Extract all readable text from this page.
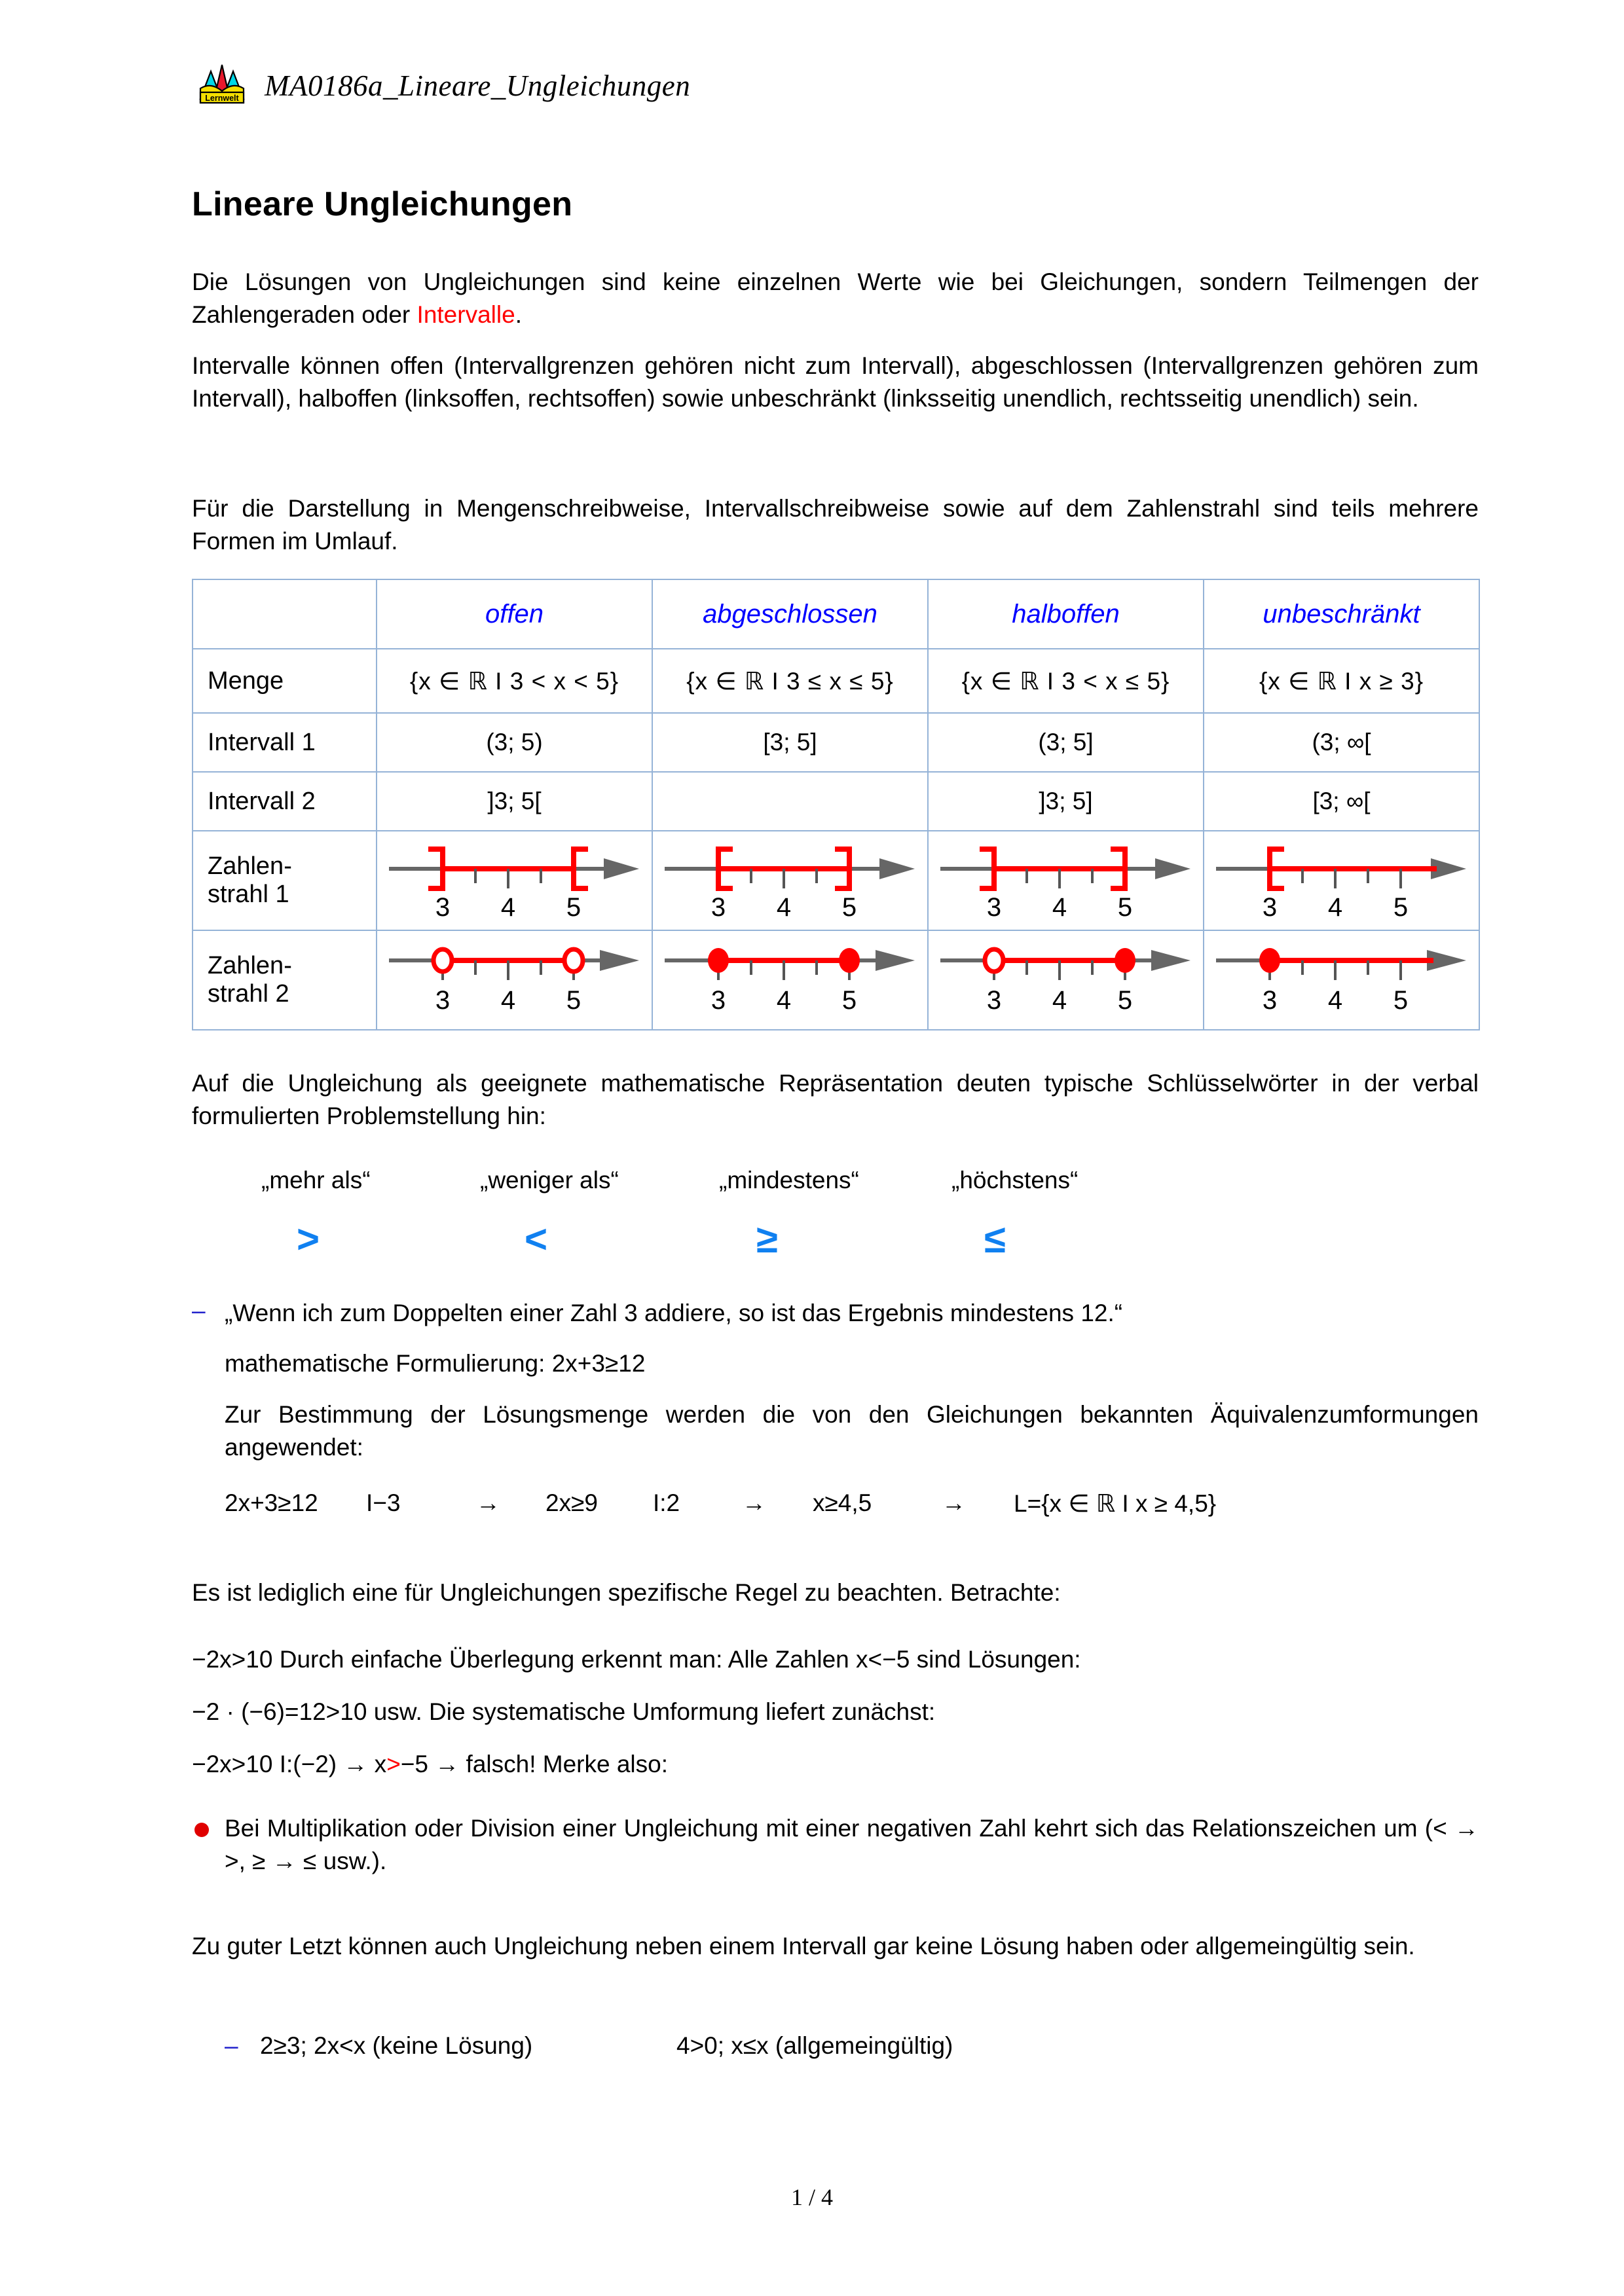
Lernwelt MA0186a_Lineare_Ungleichungen
Lineare Ungleichungen
Die Lösungen von Ungleichungen sind keine einzelnen Werte wie bei Gleichungen, sondern Teilmengen der Zahlengeraden oder Intervalle.
Intervalle können offen (Intervallgrenzen gehören nicht zum Intervall), abgeschlossen (Intervallgrenzen gehören zum Intervall), halboffen (linksoffen, rechtsoffen) sowie unbeschränkt (linksseitig unendlich, rechtsseitig unendlich) sein.
Für die Darstellung in Mengenschreibweise, Intervallschreibweise sowie auf dem Zahlenstrahl sind teils mehrere Formen im Umlauf.
	offen	abgeschlossen	halboffen	unbeschränkt
Menge	{x ∈ ℝ I 3 < x < 5}	{x ∈ ℝ I 3 ≤ x ≤ 5}	{x ∈ ℝ I 3 < x ≤ 5}	{x ∈ ℝ I x ≥ 3}
Intervall 1	(3; 5)	[3; 5]	(3; 5]	(3; ∞[
Intervall 2	]3; 5[		]3; 5]	[3; ∞[
Zahlen-
strahl 1	3 4 5	3 4 5	3 4 5	3 4 5

Zahlen-
strahl 2	3 4 5	3 4 5	3 4 5	3 4 5
Auf die Ungleichung als geeignete mathematische Repräsentation deuten typische Schlüsselwörter in der verbal formulierten Problemstellung hin:
„mehr als“	„weniger als“	„mindestens“	„höchstens“
>	<	≥	≤
– „Wenn ich zum Doppelten einer Zahl 3 addiere, so ist das Ergebnis mindestens 12.“
mathematische Formulierung: 2x+3≥12
Zur Bestimmung der Lösungsmenge werden die von den Gleichungen bekannten Äquivalenzumformungen angewendet:
2x+3≥12 I−3	→ 2x≥9 I:2	→ x≥4,5	→ L={x ∈ ℝ I x ≥ 4,5}
Es ist lediglich eine für Ungleichungen spezifische Regel zu beachten. Betrachte:
−2x>10 Durch einfache Überlegung erkennt man: Alle Zahlen x<−5 sind Lösungen:
−2 · (−6)=12>10 usw. Die systematische Umformung liefert zunächst:
−2x>10 I:(−2) → x>−5 → falsch! Merke also:
Bei Multiplikation oder Division einer Ungleichung mit einer negativen Zahl kehrt sich das Relationszeichen um (< → >, ≥ → ≤ usw.).
Zu guter Letzt können auch Ungleichung neben einem Intervall gar keine Lösung haben oder allgemeingültig sein.
– 2≥3; 2x<x (keine Lösung)	4>0; x≤x (allgemeingültig)
1 / 4
